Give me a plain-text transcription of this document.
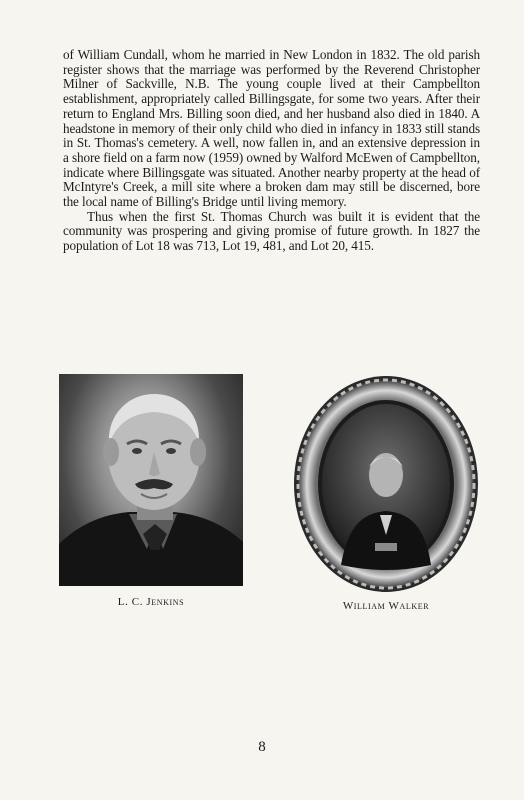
of William Cundall, whom he married in New London in 1832. The old parish register shows that the marriage was performed by the Reverend Christopher Milner of Sackville, N.B. The young couple lived at their Campbellton establishment, appropriately called Billingsgate, for some two years. After their return to England Mrs. Billing soon died, and her husband also died in 1840. A headstone in memory of their only child who died in infancy in 1833 still stands in St. Thomas's cemetery. A well, now fallen in, and an extensive depression in a shore field on a farm now (1959) owned by Walford McEwen of Campbellton, indicate where Billingsgate was situated. Another nearby property at the head of McIntyre's Creek, a mill site where a broken dam may still be discerned, bore the local name of Billing's Bridge until living memory.

Thus when the first St. Thomas Church was built it is evident that the community was prospering and giving promise of future growth. In 1827 the population of Lot 18 was 713, Lot 19, 481, and Lot 20, 415.

L. C. Jenkins	William Walker
8
